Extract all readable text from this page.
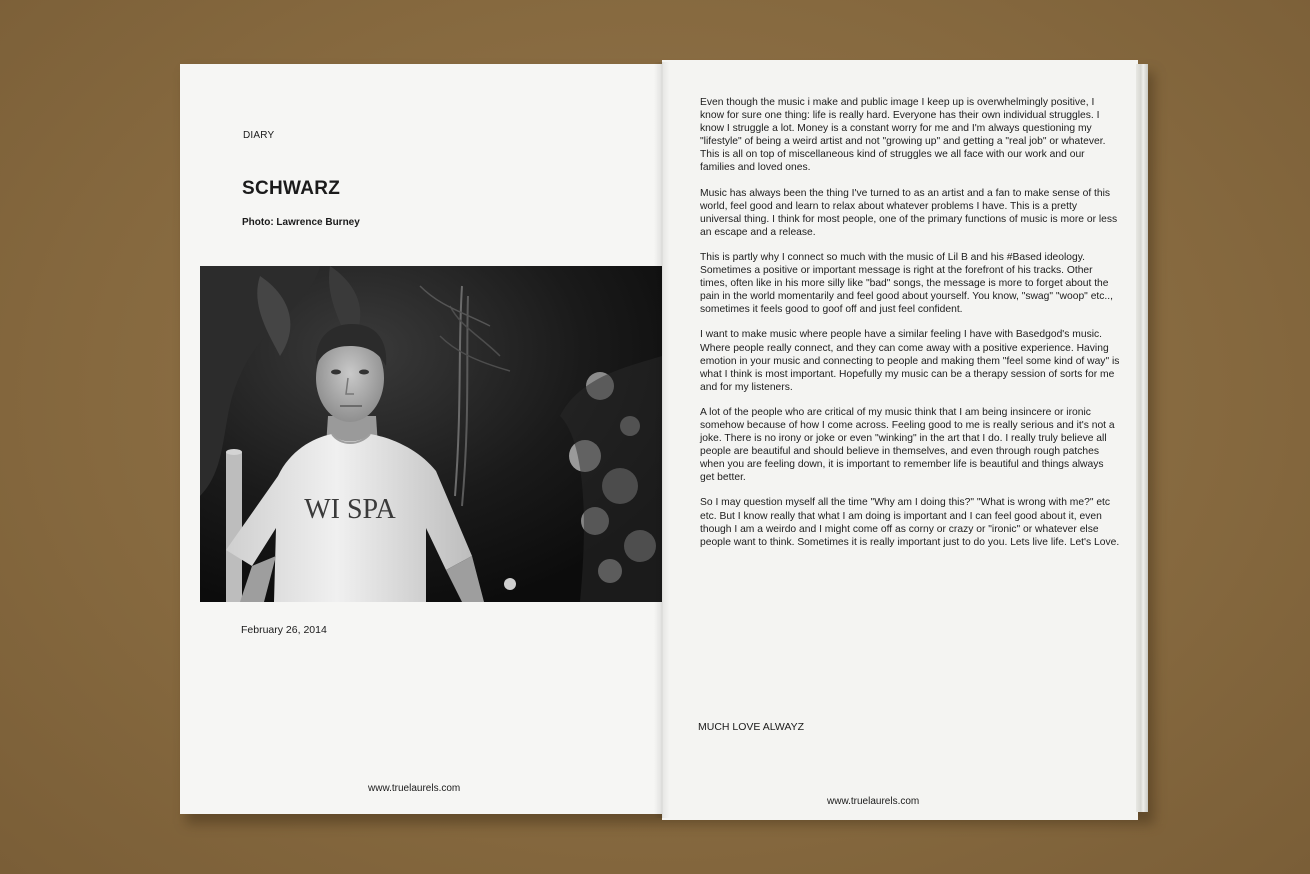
DIARY
SCHWARZ
Photo: Lawrence Burney
WI SPA
February 26, 2014
www.truelaurels.com

Even though the music i make and public image I keep up is overwhelmingly positive, I know for sure one thing: life is really hard. Everyone has their own individual struggles. I know I struggle a lot. Money is a constant worry for me and I'm always questioning my "lifestyle" of being a weird artist and not "growing up" and getting a "real job" or whatever. This is all on top of miscellaneous kind of struggles we all face with our work and our families and loved ones.

Music has always been the thing I've turned to as an artist and a fan to make sense of this world, feel good and learn to relax about whatever problems I have. This is a pretty universal thing. I think for most people, one of the primary functions of music is more or less an escape and a release.

This is partly why I connect so much with the music of Lil B and his #Based ideology. Sometimes a positive or important message is right at the forefront of his tracks. Other times, often like in his more silly like "bad" songs, the message is more to forget about the pain in the world momentarily and feel good about yourself. You know, "swag" "woop" etc.., sometimes it feels good to goof off and just feel confident.

I want to make music where people have a similar feeling I have with Basedgod's music. Where people really connect, and they can come away with a positive experience. Having emotion in your music and connecting to people and making them "feel some kind of way" is what I think is most important. Hopefully my music can be a therapy session of sorts for me and for my listeners.

A lot of the people who are critical of my music think that I am being insincere or ironic somehow because of how I come across. Feeling good to me is really serious and it's not a joke. There is no irony or joke or even "winking" in the art that I do. I really truly believe all people are beautiful and should believe in themselves, and even through rough patches when you are feeling down, it is important to remember life is beautiful and things always get better.

So I may question myself all the time "Why am I doing this?" "What is wrong with me?" etc etc. But I know really that what I am doing is important and I can feel good about it, even though I am a weirdo and I might come off as corny or crazy or "ironic" or whatever else people want to think. Sometimes it is really important just to do you. Lets live life. Let's Love.

MUCH LOVE ALWAYZ
www.truelaurels.com
